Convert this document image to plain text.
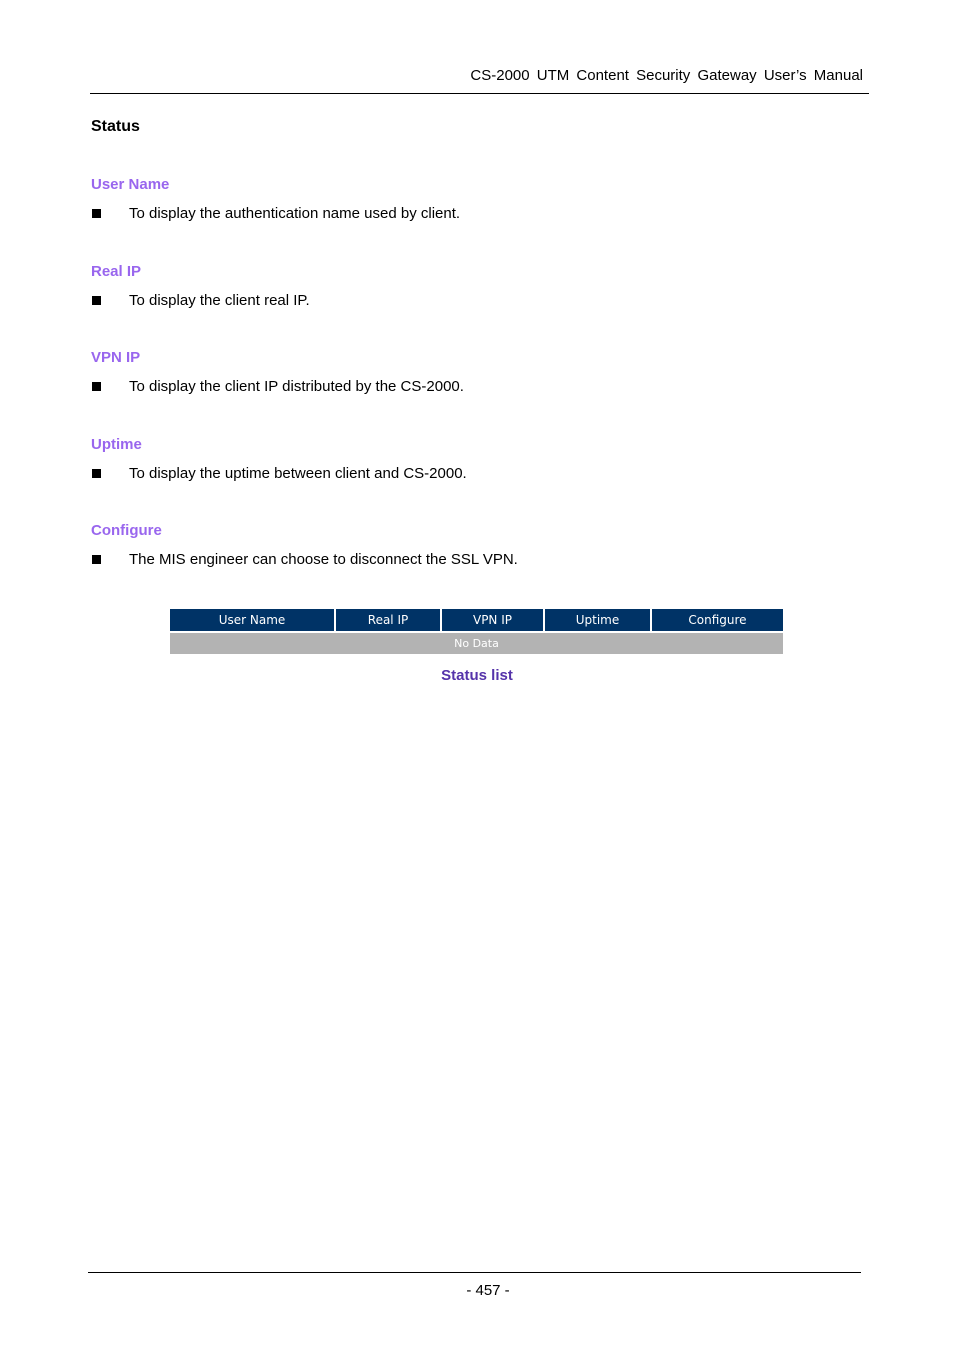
CS-2000 UTM Content Security Gateway User’s Manual
Status
User Name
To display the authentication name used by client.
Real IP
To display the client real IP.
VPN IP
To display the client IP distributed by the CS-2000.
Uptime
To display the uptime between client and CS-2000.
Configure
The MIS engineer can choose to disconnect the SSL VPN.
User Name	Real IP	VPN IP	Uptime	Configure
No Data
Status list
- 457 -
